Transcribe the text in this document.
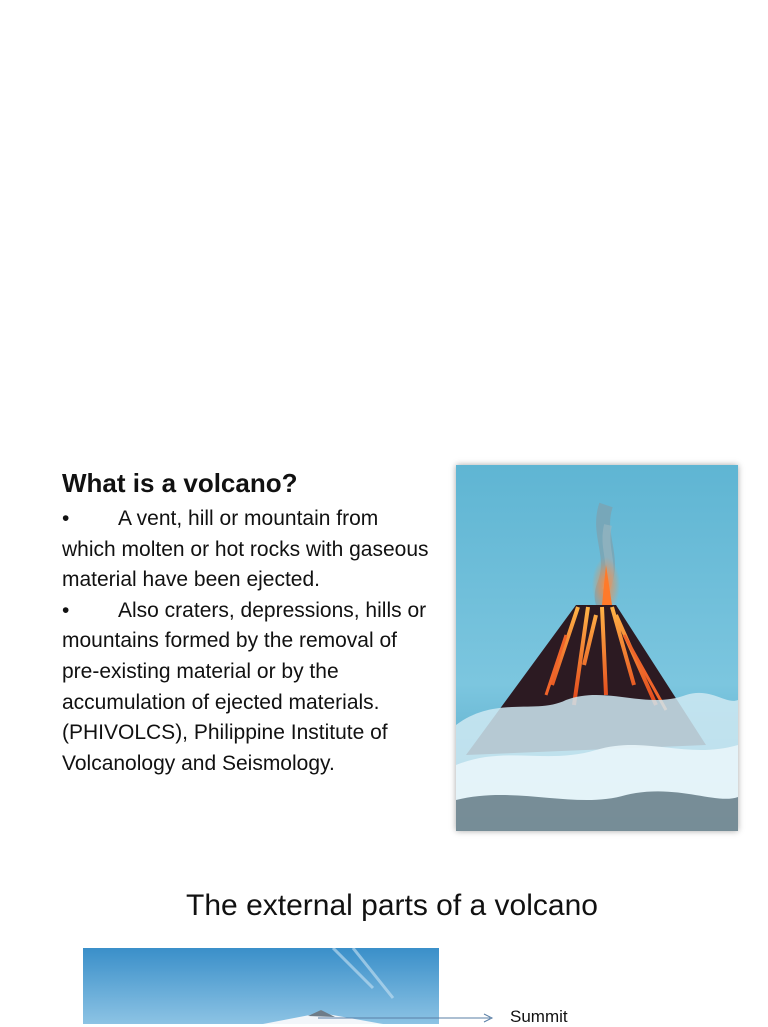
What is a volcano?

• A vent, hill or mountain from which molten or hot rocks with gaseous material have been ejected.

• Also craters, depressions, hills or mountains formed by the removal of pre-existing material or by the accumulation of ejected materials. (PHIVOLCS), Philippine Institute of Volcanology and Seismology.

The external parts of a volcano
Summit
